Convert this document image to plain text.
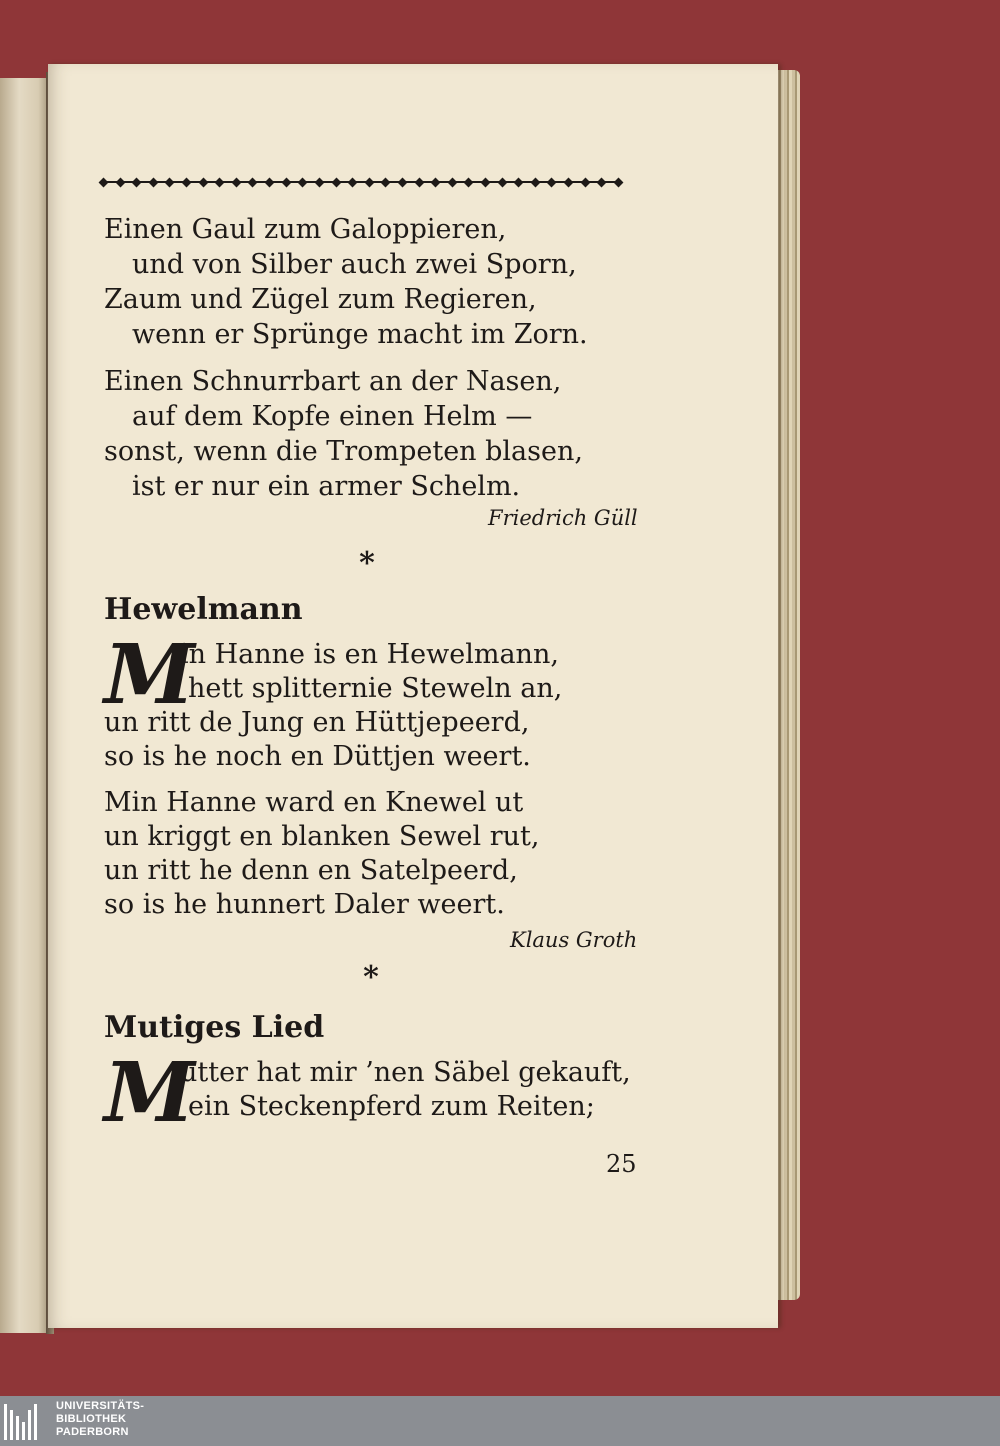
Einen Gaul zum Galoppieren,
und von Silber auch zwei Sporn,
Zaum und Zügel zum Regieren,
wenn er Sprünge macht im Zorn.
Einen Schnurrbart an der Nasen,
auf dem Kopfe einen Helm —
sonst, wenn die Trompeten blasen,
ist er nur ein armer Schelm.
Friedrich Güll
*
Hewelmann
M
in Hanne is en Hewelmann,
hett splitternie Steweln an,
un ritt de Jung en Hüttjepeerd,
so is he noch en Düttjen weert.
Min Hanne ward en Knewel ut
un kriggt en blanken Sewel rut,
un ritt he denn en Satelpeerd,
so is he hunnert Daler weert.
Klaus Groth
*
Mutiges Lied
M
utter hat mir ’nen Säbel gekauft,
ein Steckenpferd zum Reiten;
25
UNIVERSITÄTS-
BIBLIOTHEK
PADERBORN
